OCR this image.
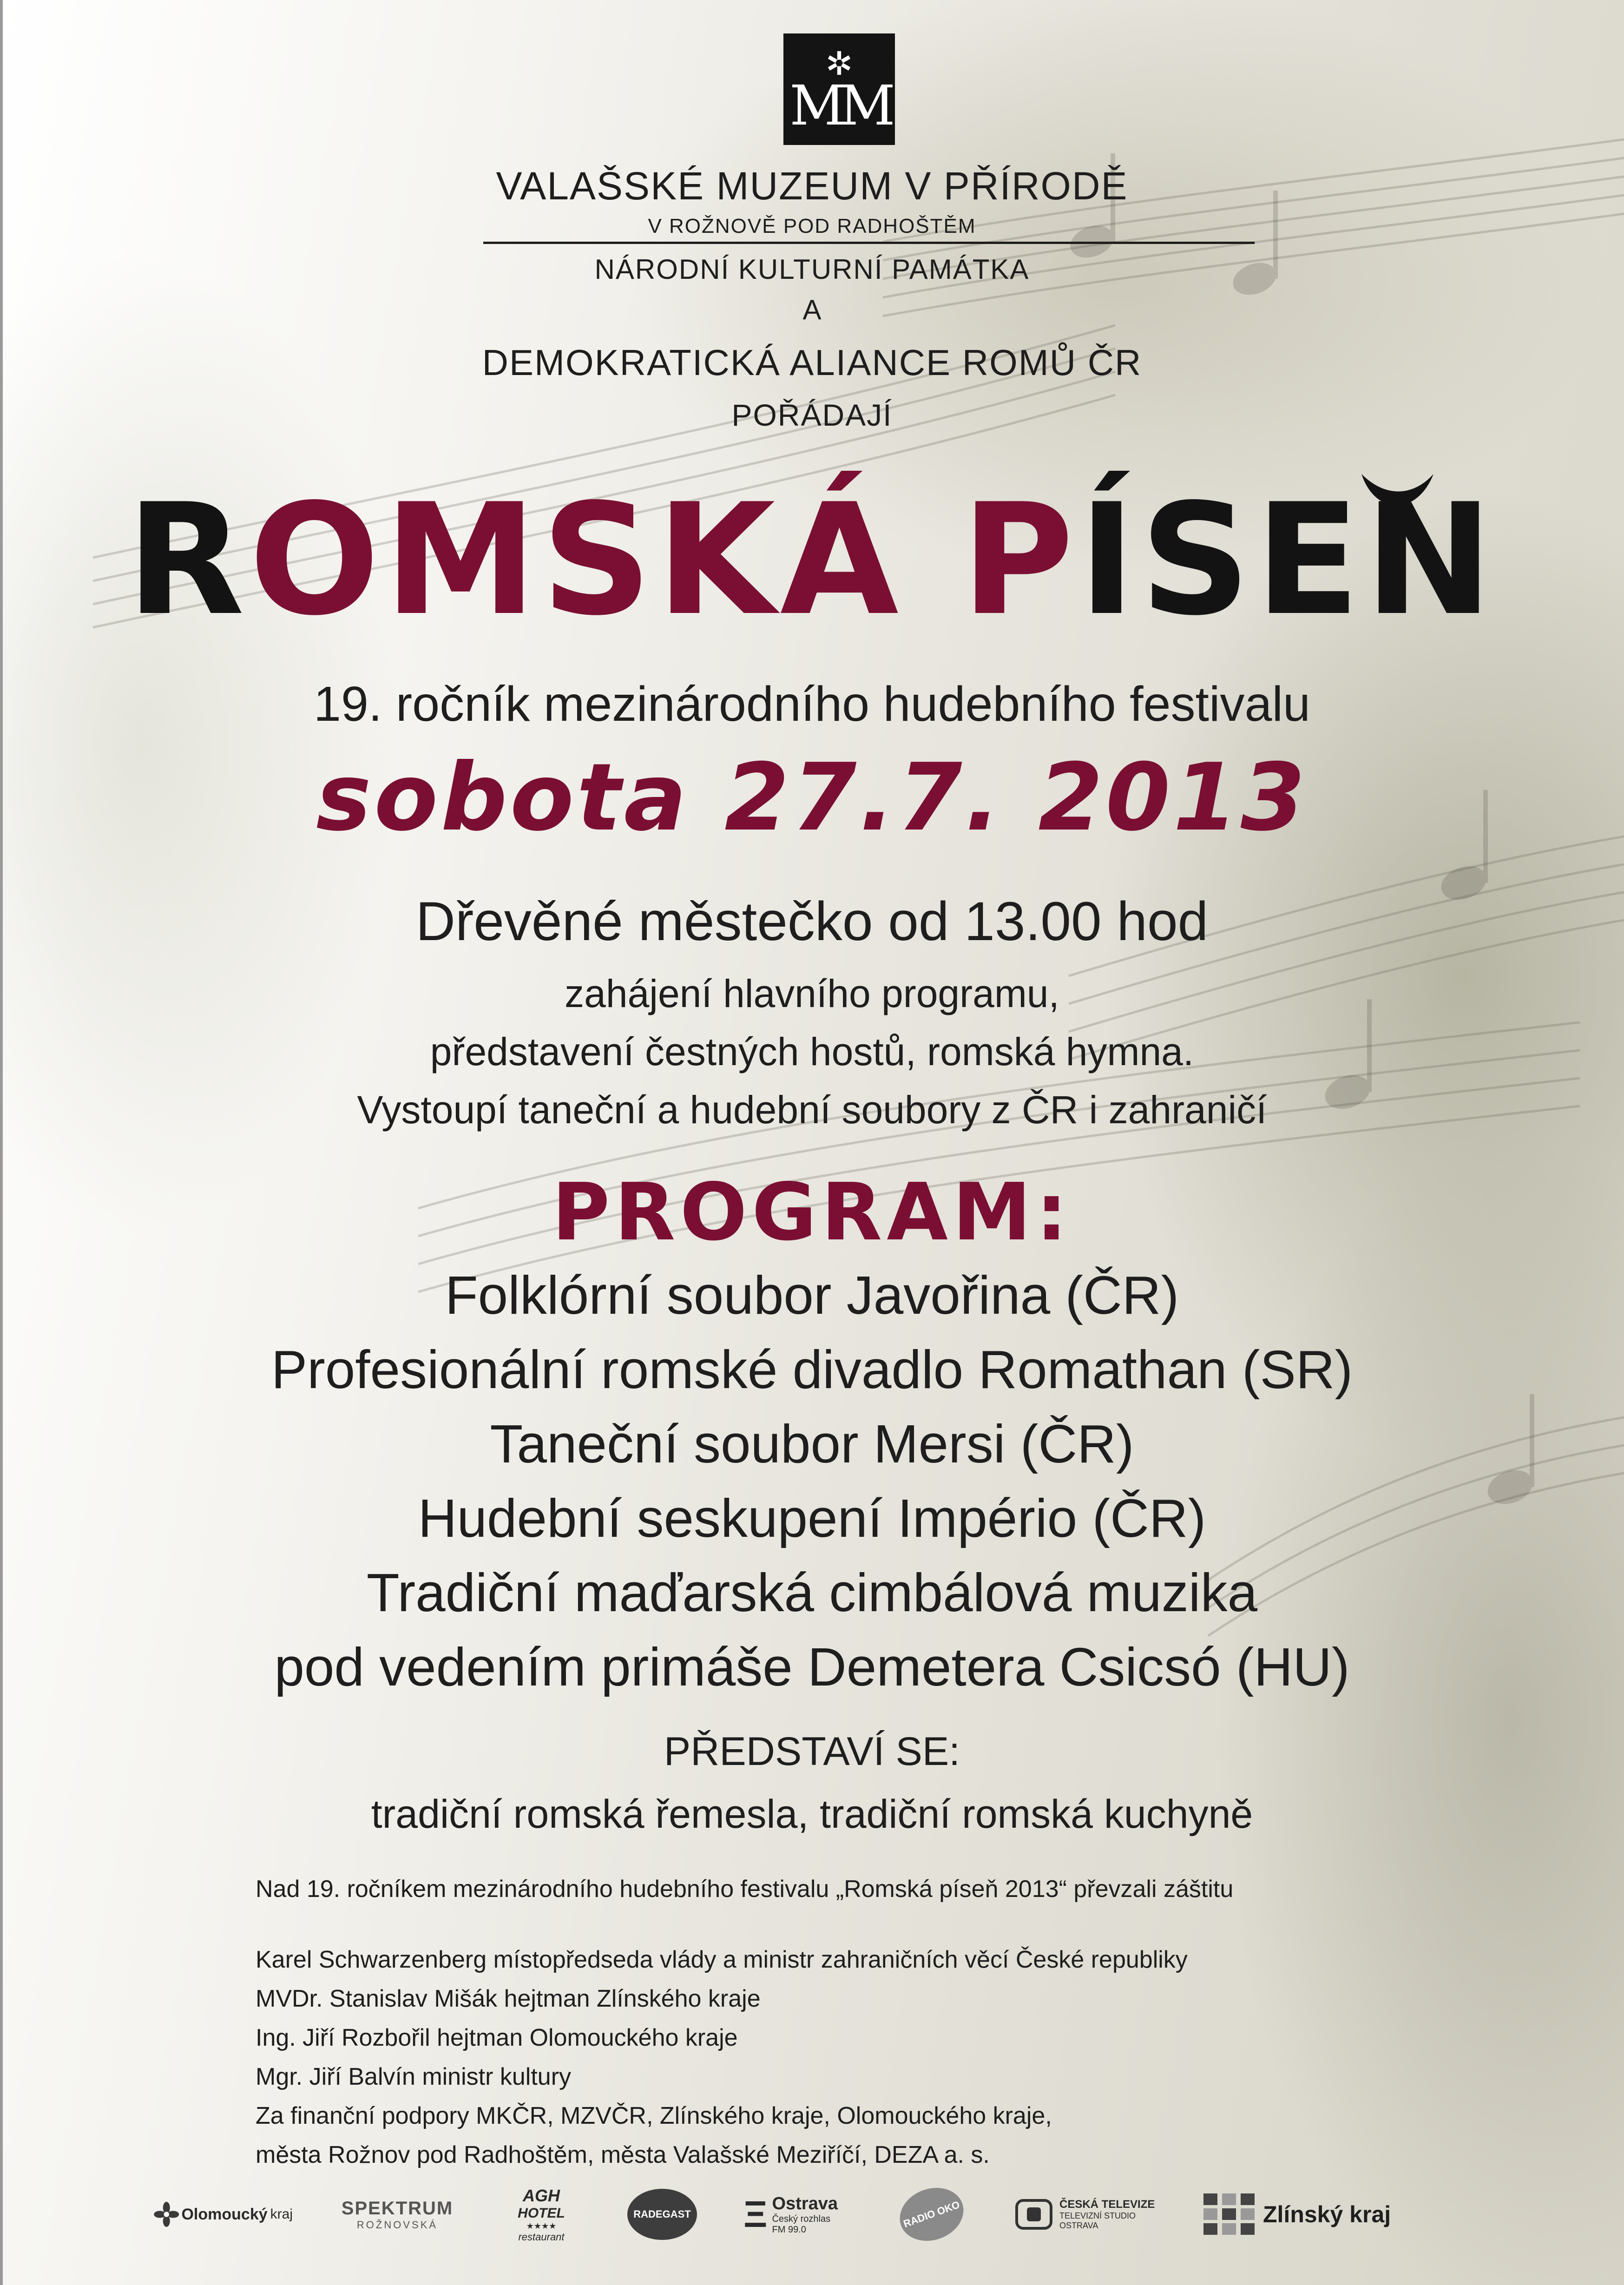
✲
MM
VALAŠSKÉ MUZEUM V PŘÍRODĚ
V ROŽNOVĚ POD RADHOŠTĚM
NÁRODNÍ KULTURNÍ PAMÁTKA
A
DEMOKRATICKÁ ALIANCE ROMŮ ČR
POŘÁDAJÍ
ROMSKÁ PÍSEN
19. ročník mezinárodního hudebního festivalu
sobota 27.7. 2013
Dřevěné městečko od 13.00 hod
zahájení hlavního programu,
představení čestných hostů, romská hymna.
Vystoupí taneční a hudební soubory z ČR i zahraničí
PROGRAM:
Folklórní soubor Javořina (ČR)
Profesionální romské divadlo Romathan (SR)
Taneční soubor Mersi (ČR)
Hudební seskupení Império (ČR)
Tradiční maďarská cimbálová muzika
pod vedením primáše Demetera Csicsó (HU)
PŘEDSTAVÍ SE:
tradiční romská řemesla, tradiční romská kuchyně
Nad 19. ročníkem mezinárodního hudebního festivalu „Romská píseň 2013“ převzali záštitu
Karel Schwarzenberg místopředseda vlády a ministr zahraničních věcí České republiky
MVDr. Stanislav Mišák hejtman Zlínského kraje
Ing. Jiří Rozbořil hejtman Olomouckého kraje
Mgr. Jiří Balvín ministr kultury
Za finanční podpory MKČR, MZVČR, Zlínského kraje, Olomouckého kraje,
města Rožnov pod Radhoštěm, města Valašské Meziříčí, DEZA a. s.
Olomoucký kraj	SPEKTRUM
ROŽNOVSKÁ
AGH
HOTEL
★★★★
restaurant
RADEGAST Ξ Ostrava
Český rozhlas
FM 99.0	RADIO OKO	ČESKÁ TELEVIZE
TELEVIZNÍ STUDIO
OSTRAVA	Zlínský kraj
